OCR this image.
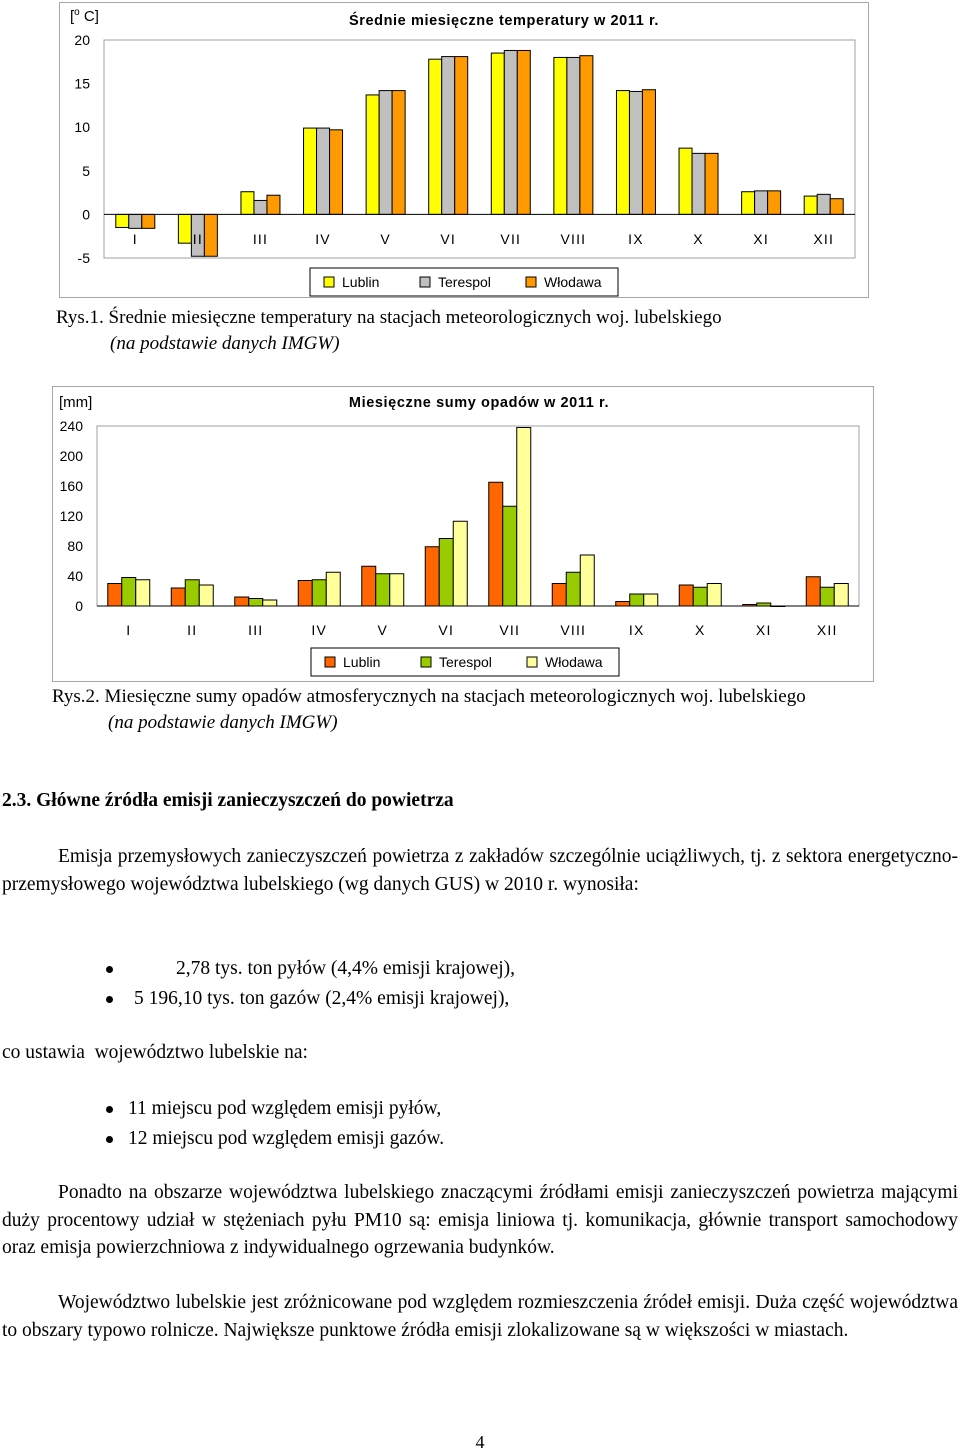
[$^o$ C]	Średnie miesięczne temperatury w 2011 r.
20
15
10
5
0
-5
I	II	III	IV	V	VI	VII	VIII	IX	X	XI	XII
Lublin	Terespol	Włodawa
Rys.1. Średnie miesięczne temperatury na stacjach meteorologicznych woj. lubelskiego
(na podstawie danych IMGW)
[mm]	Miesięczne sumy opadów w 2011 r.
240
200
160
120
80
40
0
I	II	III	IV	V	VI	VII	VIII	IX	X	XI	XII
Lublin	Terespol	Włodawa
Rys.2. Miesięczne sumy opadów atmosferycznych na stacjach meteorologicznych woj. lubelskiego
(na podstawie danych IMGW)
2.3. Główne źródła emisji zanieczyszczeń do powietrza
Emisja przemysłowych zanieczyszczeń powietrza z zakładów szczególnie uciążliwych, tj. z sektora energetyczno-przemysłowego województwa lubelskiego (wg danych GUS) w 2010 r. wynosiła:
2,78 tys. ton pyłów (4,4% emisji krajowej),
5 196,10 tys. ton gazów (2,4% emisji krajowej),
co ustawia  województwo lubelskie na:
11 miejscu pod względem emisji pyłów,
12 miejscu pod względem emisji gazów.
Ponadto na obszarze województwa lubelskiego znaczącymi źródłami emisji zanieczyszczeń powietrza mającymi duży procentowy udział w stężeniach pyłu PM10 są: emisja liniowa tj. komunikacja, głównie transport samochodowy oraz emisja powierzchniowa z indywidualnego ogrzewania budynków.
Województwo lubelskie jest zróżnicowane pod względem rozmieszczenia źródeł emisji. Duża część województwa to obszary typowo rolnicze. Największe punktowe źródła emisji zlokalizowane są w większości w miastach.
4
